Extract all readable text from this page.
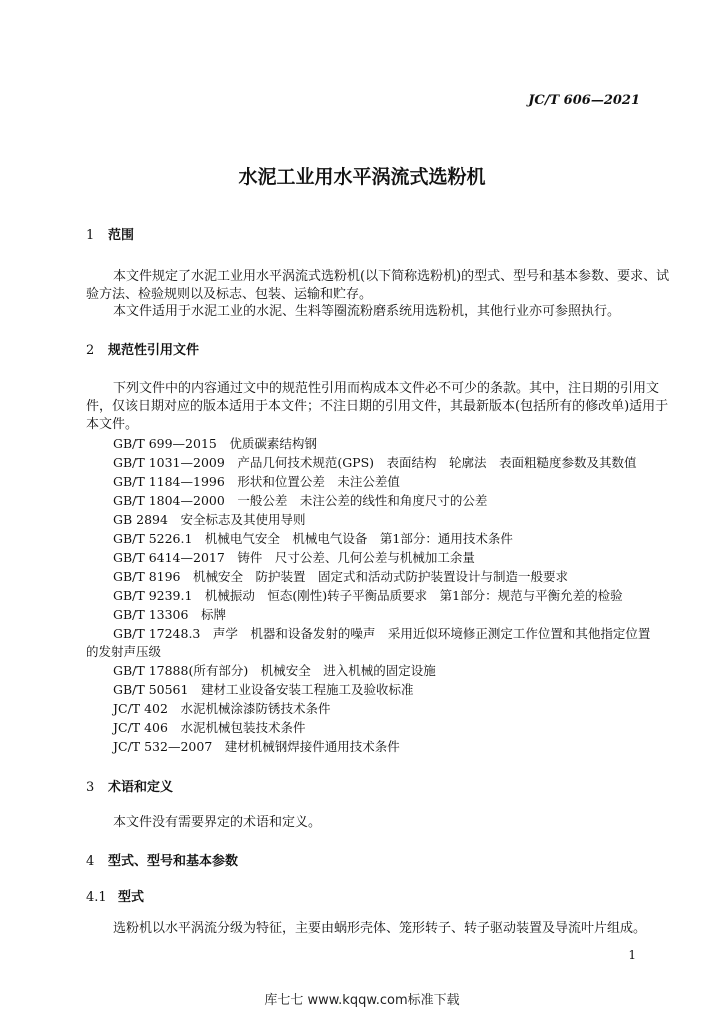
JC/T 606—2021
水泥工业用水平涡流式选粉机
1 范围
本文件规定了水泥工业用水平涡流式选粉机(以下简称选粉机)的型式、型号和基本参数、要求、试
验方法、检验规则以及标志、包装、运输和贮存。
本文件适用于水泥工业的水泥、生料等圈流粉磨系统用选粉机，其他行业亦可参照执行。
2 规范性引用文件
下列文件中的内容通过文中的规范性引用而构成本文件必不可少的条款。其中，注日期的引用文
件，仅该日期对应的版本适用于本文件；不注日期的引用文件，其最新版本(包括所有的修改单)适用于
本文件。
GB/T 699—2015　优质碳素结构钢
GB/T 1031—2009　产品几何技术规范(GPS)　表面结构　轮廓法　表面粗糙度参数及其数值
GB/T 1184—1996　形状和位置公差　未注公差值
GB/T 1804—2000　一般公差　未注公差的线性和角度尺寸的公差
GB 2894　安全标志及其使用导则
GB/T 5226.1　机械电气安全　机械电气设备　第1部分：通用技术条件
GB/T 6414—2017　铸件　尺寸公差、几何公差与机械加工余量
GB/T 8196　机械安全　防护装置　固定式和活动式防护装置设计与制造一般要求
GB/T 9239.1　机械振动　恒态(刚性)转子平衡品质要求　第1部分：规范与平衡允差的检验
GB/T 13306　标牌
GB/T 17248.3　声学　机器和设备发射的噪声　采用近似环境修正测定工作位置和其他指定位置
的发射声压级
GB/T 17888(所有部分)　机械安全　进入机械的固定设施
GB/T 50561　建材工业设备安装工程施工及验收标准
JC/T 402　水泥机械涂漆防锈技术条件
JC/T 406　水泥机械包装技术条件
JC/T 532—2007　建材机械钢焊接件通用技术条件
3 术语和定义
本文件没有需要界定的术语和定义。
4 型式、型号和基本参数
4.1 型式
选粉机以水平涡流分级为特征，主要由蜗形壳体、笼形转子、转子驱动装置及导流叶片组成。
1
库七七 www.kqqw.com标准下载
